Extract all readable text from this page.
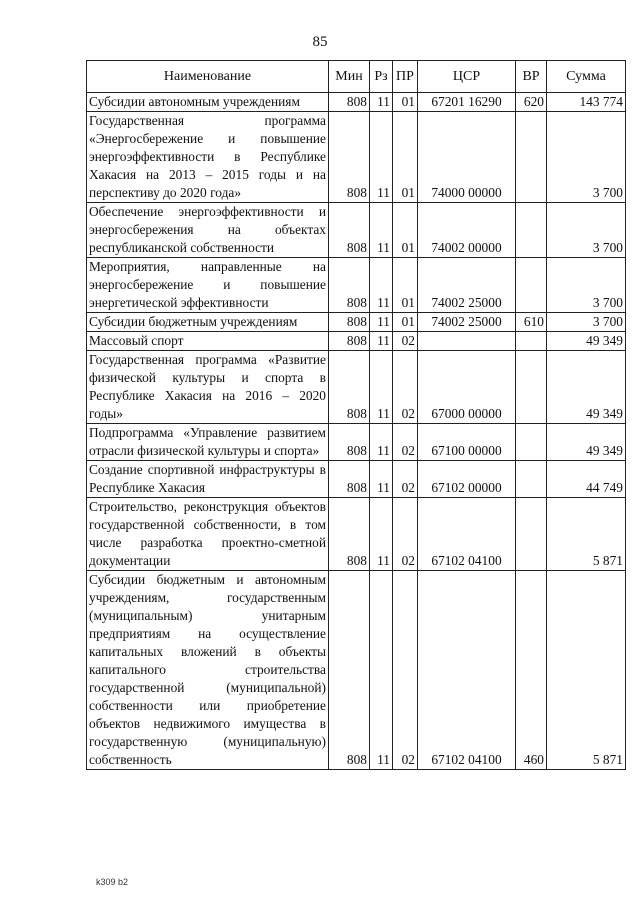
85
Наименование	Мин	Рз	ПР	ЦСР	ВР	Сумма
Субсидии автономным учреждениям	808	11	01	67201 16290	620	143 774
Государственная программа «Энергосбережение и повышение энергоэффективности в Республике Хакасия на 2013 – 2015 годы и на перспективу до 2020 года»	808	11	01	74000 00000		3 700
Обеспечение энергоэффективности и энергосбережения на объектах республиканской собственности	808	11	01	74002 00000		3 700
Мероприятия, направленные на энергосбережение и повышение энергетической эффективности	808	11	01	74002 25000		3 700
Субсидии бюджетным учреждениям	808	11	01	74002 25000	610	3 700
Массовый спорт	808	11	02			49 349
Государственная программа «Развитие физической культуры и спорта в Республике Хакасия на 2016 – 2020 годы»	808	11	02	67000 00000		49 349
Подпрограмма «Управление развитием отрасли физической культуры и спорта»	808	11	02	67100 00000		49 349
Создание спортивной инфраструктуры в Республике Хакасия	808	11	02	67102 00000		44 749
Строительство, реконструкция объектов государственной собственности, в том числе разработка проектно-сметной документации	808	11	02	67102 04100		5 871
Субсидии бюджетным и автономным учреждениям, государственным (муниципальным) унитарным предприятиям на осуществление капитальных вложений в объекты капитального строительства государственной (муниципальной) собственности или приобретение объектов недвижимого имущества в государственную (муниципальную) собственность	808	11	02	67102 04100	460	5 871
k309 b2
